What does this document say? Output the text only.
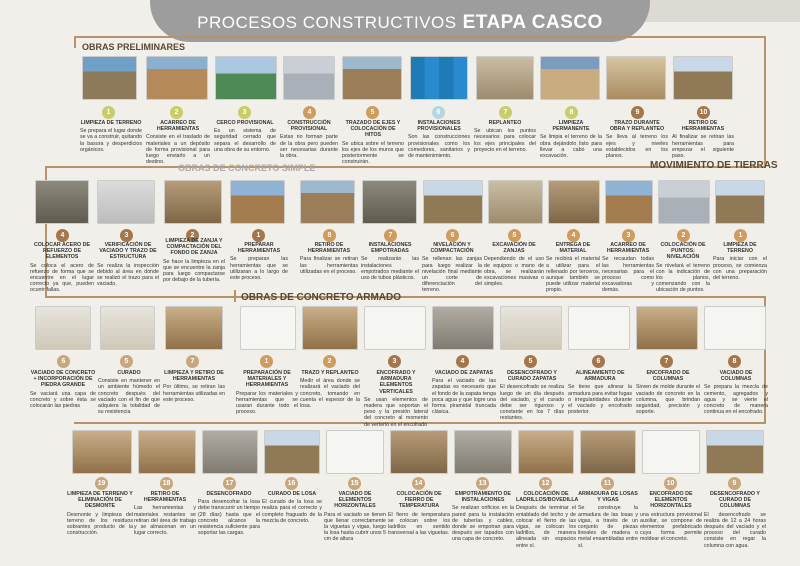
PROCESOS CONSTRUCTIVOS ETAPA CASCO
OBRAS PRELIMINARES
OBRAS DE CONCRETO SIMPLE	MOVIMIENTO DE TIERRAS
OBRAS DE CONCRETO ARMADO
1	2	3	4	5	6	7	8	9	10
LIMPIEZA DE TERRENO
Se prepara el lugar donde se va a construir, quitando la basura y desperdicios orgánicos.
ACARREO DE HERRAMIENTAS
Consiste en el traslado de materiales a un depósito de forma provisional para luego enviarlo a un destino.
CERCO PROVISIONAL
Es un sistema de seguridad cerrado que separa el desarrollo de una obra de su entorno.
CONSTRUCCIÓN PROVISIONAL
Estas no forman parte de la obra pero pueden ser necesarias durante la obra.
TRAZADO DE EJES Y COLOCACIÓN DE HITOS
Se ubica sobre el terreno los ejes de los muros que posteriormente se construirán.
INSTALACIONES PROVISIONALES
Son las construcciones provisionales como los comedores, sanitarios y de mantenimiento.
REPLANTEO
Se ubican los puntos necesarios para colocar los ejes principales del proyecto en el terreno.
LIMPIEZA PERMANENTE
Se limpia el terreno de la obra dejándolo listo para llevar a cabo una excavación.
TRAZO DURANTE OBRA Y REPLANTEO
Se lleva al terreno los ejes y niveles establecidos en los planos.
RETIRO DE HERRAMIENTAS
Al finalizar se retiran las herramientas para empezar el siguiente paso.
4	3	2	1	8	7	6	5	4	3	2	1
COLOCAR ACERO DE REFUERZO DE ELEMENTOS
Se coloca el acero de refuerzo de forma que se encuentre en el lugar correcto ya que, pueden ocurrir fallas.
VERIFICACIÓN DE VACIADO Y TRAZO DE ESTRUCTURA
Se realiza la inspección debido al área en donde se realizó el trazo para el vaciado.
LIMPIEZA DE ZANJA Y COMPACTACIÓN DEL FONDO DE ZANJA
Se hace la limpieza en el que se encuentre la zanja para luego compactarse por debajo de la tubería.
PREPARAR HERRAMIENTAS
Se preparan las herramientas que se utilizaran a lo largo de este proceso.
RETIRO DE HERRAMIENTAS
Para finalizar se retiran las herramientas utilizadas en el proceso.
INSTALACIONES EMPOTRADAS
Se realizarán las instalaciones empotrados mediante el uso de tubos plásticos.
NIVELACIÓN Y COMPACTACIÓN
Se rellenan las zanjas para luego realizar la nivelación final mediante un corte de diferenciación del terreno.
EXCAVACIÓN DE ZANJAS
Dependiendo de el uso de equipos o mano de obra, se realizarán excavaciones masivas o simples.
ENTREGA DE MATERIAL
Se recibirá el material a utilizar para el rellenado por terceros, aunque también se puede utilizar material propio.
ACARREO DE HERRAMIENTAS
Se recaudan todas las herramientas necesarias para el proceso como excavadoras y demás.
COLOCACIÓN DE PUNTOS: NIVELACIÓN
Se nivelará el terreno con la indicación de los planos, comenzando con la ubicación de puntos.
LIMPIEZA DE TERRENO
Para iniciar con el proceso, se comienza con una preparación del terreno.
6	5	7	1	2	3	4	5	6	7	8
VACIADO DE CONCRETO + INCORPORACIÓN DE PIEDRA GRANDE
Se vaciará una capa de concreto y sobre ésta se colocarán las piedras
CURADO
Consiste en mantener en un ambiente húmedo el concreto después del vaciado con el fin de que adquiera la totalidad de su resistencia
LIMPIEZA Y RETIRO DE HERRAMIENTAS
Por último, se retiran las herramientas utilizadas en este proceso.
PREPARACIÓN DE MATERIALES Y HERRAMIENTAS
Preparar los materiales y herramientas que se usaran durante todo el proceso.
TRAZO Y REPLANTEO
Medir el área donde se realizará el vaciado del concreto, tomando en cuenta el espesor de la losa.
ENCOFRADO Y ARMADURA ELEMENTOS VERTICALES
Se usan elementos de madera que soportan el peso y la presión lateral del concreto al momento de verterlo en el encofrado
VACIADO DE ZAPATAS
Para el vaciado de las zapatas es necesario que el fondo de la zapata tenga poca agua y que logre una forma piramidal truncada clásica.
DESENCOFRADO Y CURADO ZAPATAS
El desencofrado se realiza luego de un día después del vaciado, y el curado debe ser riguroso y constante en los 7 días restantes.
ALINEAMIENTO DE ARMADURA
Se tiene que alinear la armadura para evitar fugas o irregularidades durante el vaciado y encofrado posterior.
ENCOFRADO DE COLUMNAS
Sirven de molde durante el vaciado de concreto en la columna, que brindan seguridad, precisión y soporte.
VACIADO DE COLUMNAS
Se prepara la mezcla de cemento, agregados y agua y se vierte el concreto de manera continua en el encofrado.
19	18	17	16	15	14	13	12	11	10	9
LIMPIEZA DE TERRENO Y ELIMINACIÓN DE DESMONTE
Desmonte y limpieza del terreno de los residuos sobrantes producto de la construcción.
RETIRO DE HERRAMIENTAS
Las herramientas y materiales restantes se retiran del área de trabajo y se almacenan en un lugar correcto.
DESENCOFRADO
Para desencofrar la losa debe transcurrir un tiempo (28 días) hasta que el concreto alcance la resistencia suficiente para soportar las cargas.
CURADO DE LOSA
El curado de la losa se realiza para el correcto y completo fraguado de la mezcla de concreto.
VACIADO DE ELEMENTOS HORIZONTALES
Para el vaciado se tienen que llenar correctamente la viguetas y vigas, luego la losa hasta cubrir unos 5 cm de altura
COLOCACIÓN DE FIERRO DE TEMPERATURA
El fierro de temperatura se colocan sobre los ladrillos en sentido transversal a las viguetas.
EMPOTRAMIENTO DE INSTALACIONES
Se realizan orificios en la pared para la instalación de tuberías y cables, donde se empotran para después ser tapados con una capa de concreto.
COLOCACIÓN DE LADRILLOS/BOVEDILLA
Después de terminar el entablado del techo y de colocar el fierro de las vigas, se colocan los ladrillos, de manera alineada sin espacios entre sí.
ARMADURA DE LOSAS Y VIGAS
Se construye la armadura de las losas y vigas, a través de un conjunto de piezas lineales de madera o metal ensambladas entre sí.
ENCOFRADO DE ELEMENTOS HORIZONTALES
una estructura provisional auxiliar, se compone de elementos prefabricado cuya forma permite moldear el concreto.
DESENCOFRADO Y CURADO DE COLUMNAS
El desencofrado se realiza de 12 a 24 horas después del vaciado y el proceso del curado consiste en regar la columna con agua.
